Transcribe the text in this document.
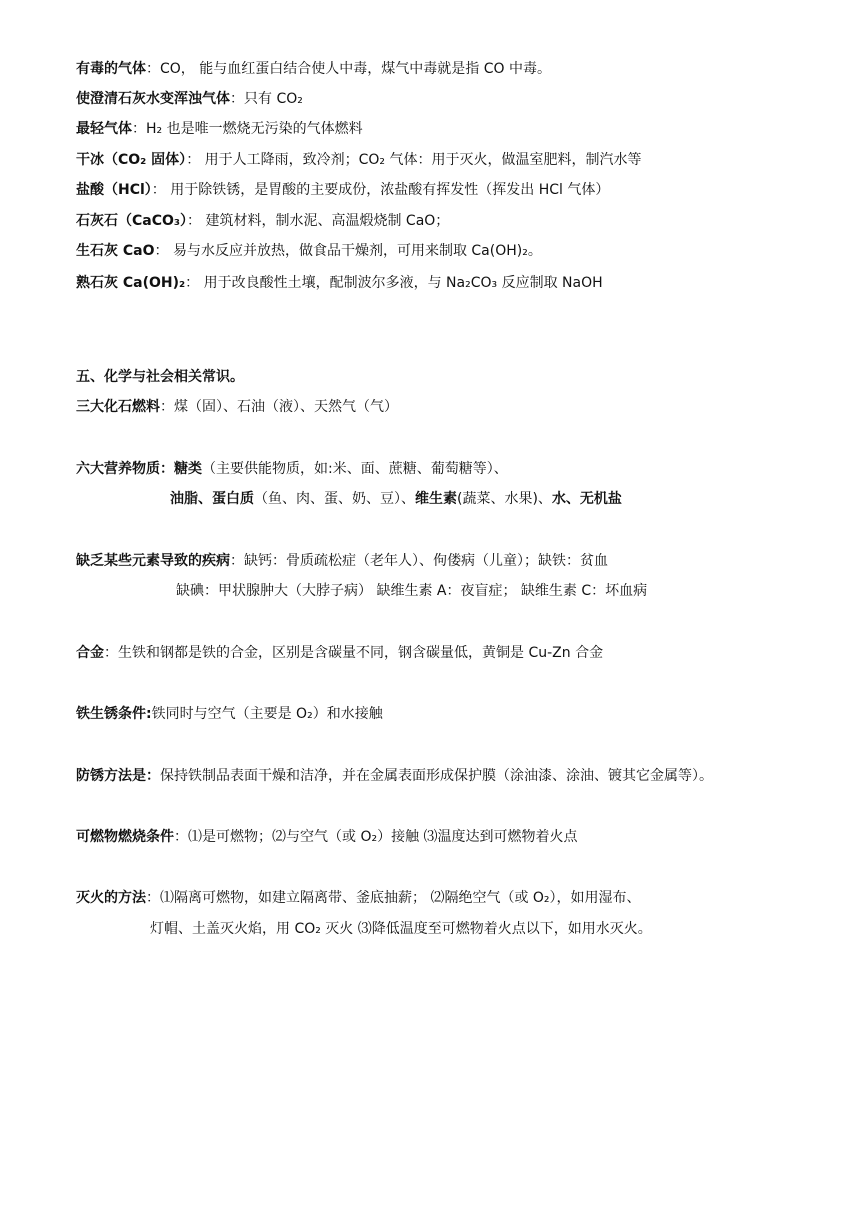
有毒的气体：CO， 能与血红蛋白结合使人中毒，煤气中毒就是指 CO 中毒。
使澄清石灰水变浑浊气体：只有 CO₂
最轻气体：H₂ 也是唯一燃烧无污染的气体燃料
干冰（CO₂ 固体）： 用于人工降雨，致冷剂；CO₂ 气体：用于灭火，做温室肥料，制汽水等
盐酸（HCl）： 用于除铁锈，是胃酸的主要成份，浓盐酸有挥发性（挥发出 HCl 气体）
石灰石（CaCO₃）： 建筑材料，制水泥、高温煅烧制 CaO；
生石灰 CaO： 易与水反应并放热，做食品干燥剂，可用来制取 Ca(OH)₂。
熟石灰 Ca(OH)₂： 用于改良酸性土壤，配制波尔多液，与 Na₂CO₃ 反应制取 NaOH
五、化学与社会相关常识。
三大化石燃料：煤（固）、石油（液）、天然气（气）
六大营养物质：糖类（主要供能物质，如:米、面、蔗糖、葡萄糖等）、
油脂、蛋白质（鱼、肉、蛋、奶、豆）、维生素(蔬菜、水果)、水、无机盐
缺乏某些元素导致的疾病：缺钙：骨质疏松症（老年人）、佝偻病（儿童）；缺铁：贫血
缺碘：甲状腺肿大（大脖子病） 缺维生素 A：夜盲症； 缺维生素 C：坏血病
合金：生铁和钢都是铁的合金，区别是含碳量不同，钢含碳量低，黄铜是 Cu-Zn 合金
铁生锈条件:铁同时与空气（主要是 O₂）和水接触
防锈方法是：保持铁制品表面干燥和洁净，并在金属表面形成保护膜（涂油漆、涂油、镀其它金属等）。
可燃物燃烧条件：⑴是可燃物；⑵与空气（或 O₂）接触 ⑶温度达到可燃物着火点
灭火的方法：⑴隔离可燃物，如建立隔离带、釜底抽薪； ⑵隔绝空气（或 O₂），如用湿布、
灯帽、土盖灭火焰，用 CO₂ 灭火 ⑶降低温度至可燃物着火点以下，如用水灭火。
